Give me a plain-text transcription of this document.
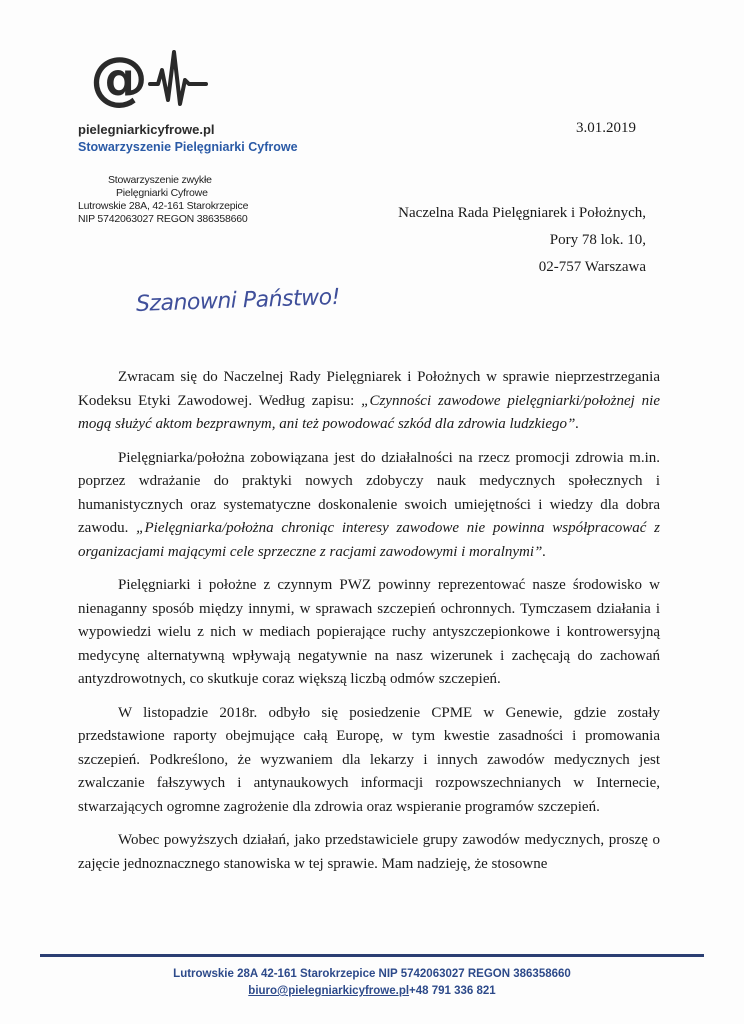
@
pielegniarkicyfrowe.pl
Stowarzyszenie Pielęgniarki Cyfrowe
Stowarzyszenie zwykłe
Pielęgniarki Cyfrowe
Lutrowskie 28A, 42-161 Starokrzepice
NIP 5742063027 REGON 386358660
3.01.2019
Naczelna Rada Pielęgniarek i Położnych,
Pory 78 lok. 10,
02-757 Warszawa
Szanowni Państwo!

Zwracam się do Naczelnej Rady Pielęgniarek i Położnych w sprawie nieprzestrzegania Kodeksu Etyki Zawodowej. Według zapisu: „Czynności zawodowe pielęgniarki/położnej nie mogą służyć aktom bezprawnym, ani też powodować szkód dla zdrowia ludzkiego”.

Pielęgniarka/położna zobowiązana jest do działalności na rzecz promocji zdrowia m.in. poprzez wdrażanie do praktyki nowych zdobyczy nauk medycznych społecznych i humanistycznych oraz systematyczne doskonalenie swoich umiejętności i wiedzy dla dobra zawodu. „Pielęgniarka/położna chroniąc interesy zawodowe nie powinna współpracować z organizacjami mającymi cele sprzeczne z racjami zawodowymi i moralnymi”.

Pielęgniarki i położne z czynnym PWZ powinny reprezentować nasze środowisko w nienaganny sposób między innymi, w sprawach szczepień ochronnych. Tymczasem działania i wypowiedzi wielu z nich w mediach popierające ruchy antyszczepionkowe i kontrowersyjną medycynę alternatywną wpływają negatywnie na nasz wizerunek i zachęcają do zachowań antyzdrowotnych, co skutkuje coraz większą liczbą odmów szczepień.

W listopadzie 2018r. odbyło się posiedzenie CPME w Genewie, gdzie zostały przedstawione raporty obejmujące całą Europę, w tym kwestie zasadności i promowania szczepień. Podkreślono, że wyzwaniem dla lekarzy i innych zawodów medycznych jest zwalczanie fałszywych i antynaukowych informacji rozpowszechnianych w Internecie, stwarzających ogromne zagrożenie dla zdrowia oraz wspieranie programów szczepień.

Wobec powyższych działań, jako przedstawiciele grupy zawodów medycznych, proszę o zajęcie jednoznacznego stanowiska w tej sprawie. Mam nadzieję, że stosowne

Lutrowskie 28A 42-161 Starokrzepice NIP 5742063027 REGON 386358660
biuro@pielegniarkicyfrowe.pl+48 791 336 821
